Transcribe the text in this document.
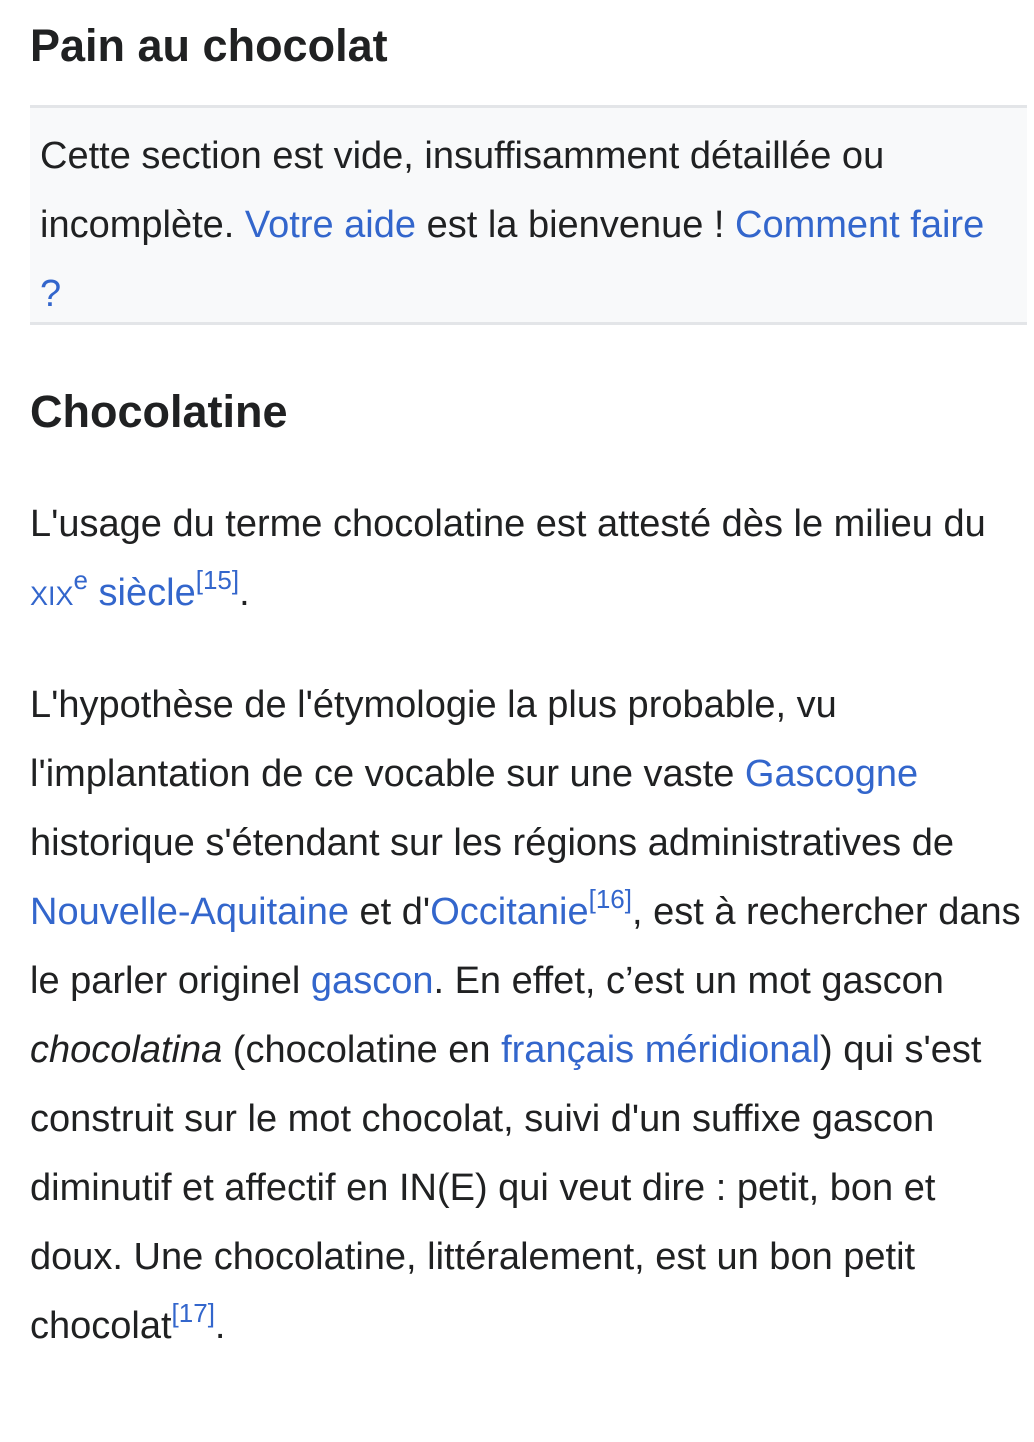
Pain au chocolat

Cette section est vide, insuffisamment détaillée ou incomplète. Votre aide est la bienvenue ! Comment faire ?

Chocolatine

L'usage du terme chocolatine est attesté dès le milieu du xix$^e$ siècle[15].

L'hypothèse de l'étymologie la plus probable, vu l'implantation de ce vocable sur une vaste Gascogne historique s'étendant sur les régions administratives de Nouvelle-Aquitaine et d'Occitanie[16], est à rechercher dans le parler originel gascon. En effet, c’est un mot gascon chocolatina (chocolatine en français méridional) qui s'est construit sur le mot chocolat, suivi d'un suffixe gascon diminutif et affectif en IN(E) qui veut dire : petit, bon et doux. Une chocolatine, littéralement, est un bon petit chocolat[17].
